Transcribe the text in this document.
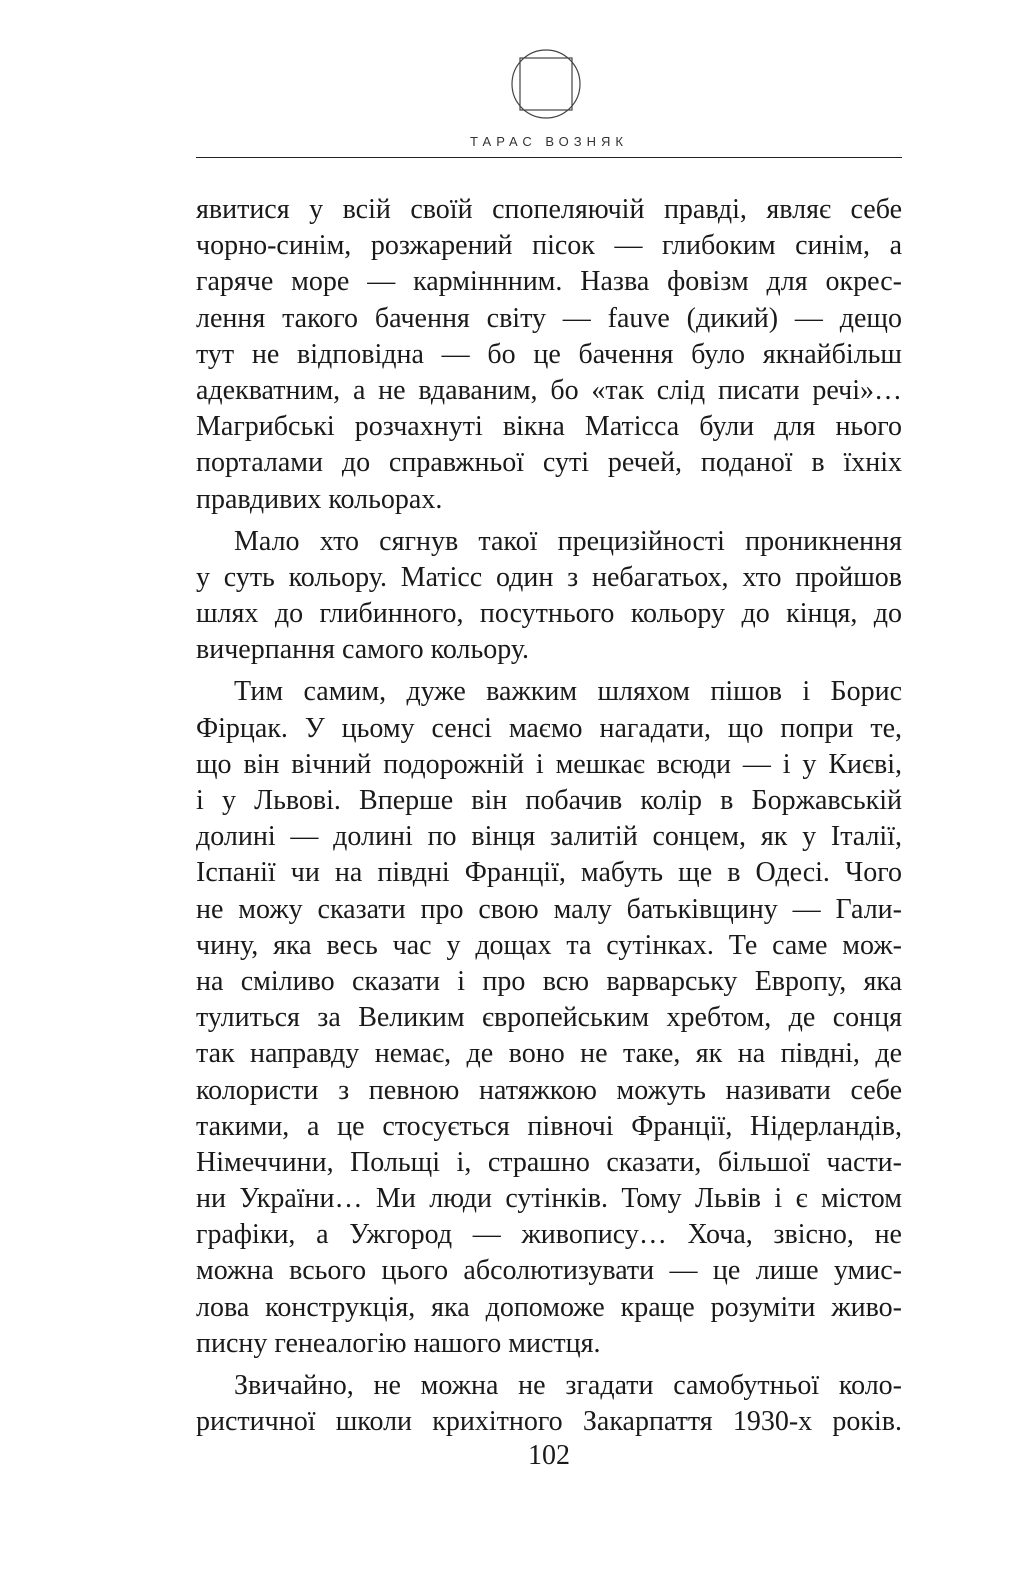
ТАРАС ВОЗНЯК
явитися у всій своїй спопеляючій правді, являє себе
чорно-синім, розжарений пісок — глибоким синім, а
гаряче море — карміннним. Назва фовізм для окрес-
лення такого бачення світу — fauve (дикий) — дещо
тут не відповідна — бо це бачення було якнайбільш
адекватним, а не вдаваним, бо «так слід писати речі»…
Магрибські розчахнуті вікна Матісса були для нього
порталами до справжньої суті речей, поданої в їхніх
правдивих кольорах.
Мало хто сягнув такої прецизійності проникнення
у суть кольору. Матісс один з небагатьох, хто пройшов
шлях до глибинного, посутнього кольору до кінця, до
вичерпання самого кольору.
Тим самим, дуже важким шляхом пішов і Борис
Фірцак. У цьому сенсі маємо нагадати, що попри те,
що він вічний подорожній і мешкає всюди — і у Києві,
і у Львові. Вперше він побачив колір в Боржавській
долині — долині по вінця залитій сонцем, як у Італії,
Іспанії чи на півдні Франції, мабуть ще в Одесі. Чого
не можу сказати про свою малу батьківщину — Гали-
чину, яка весь час у дощах та сутінках. Те саме мож-
на сміливо сказати і про всю варварську Европу, яка
тулиться за Великим європейським хребтом, де сонця
так направду немає, де воно не таке, як на півдні, де
колористи з певною натяжкою можуть називати себе
такими, а це стосується півночі Франції, Нідерландів,
Німеччини, Польщі і, страшно сказати, більшої части-
ни України… Ми люди сутінків. Тому Львів і є містом
графіки, а Ужгород — живопису… Хоча, звісно, не
можна всього цього абсолютизувати — це лише умис-
лова конструкція, яка допоможе краще розуміти живо-
писну генеалогію нашого мистця.
Звичайно, не можна не згадати самобутньої коло-
ристичної школи крихітного Закарпаття 1930-х років.
102
